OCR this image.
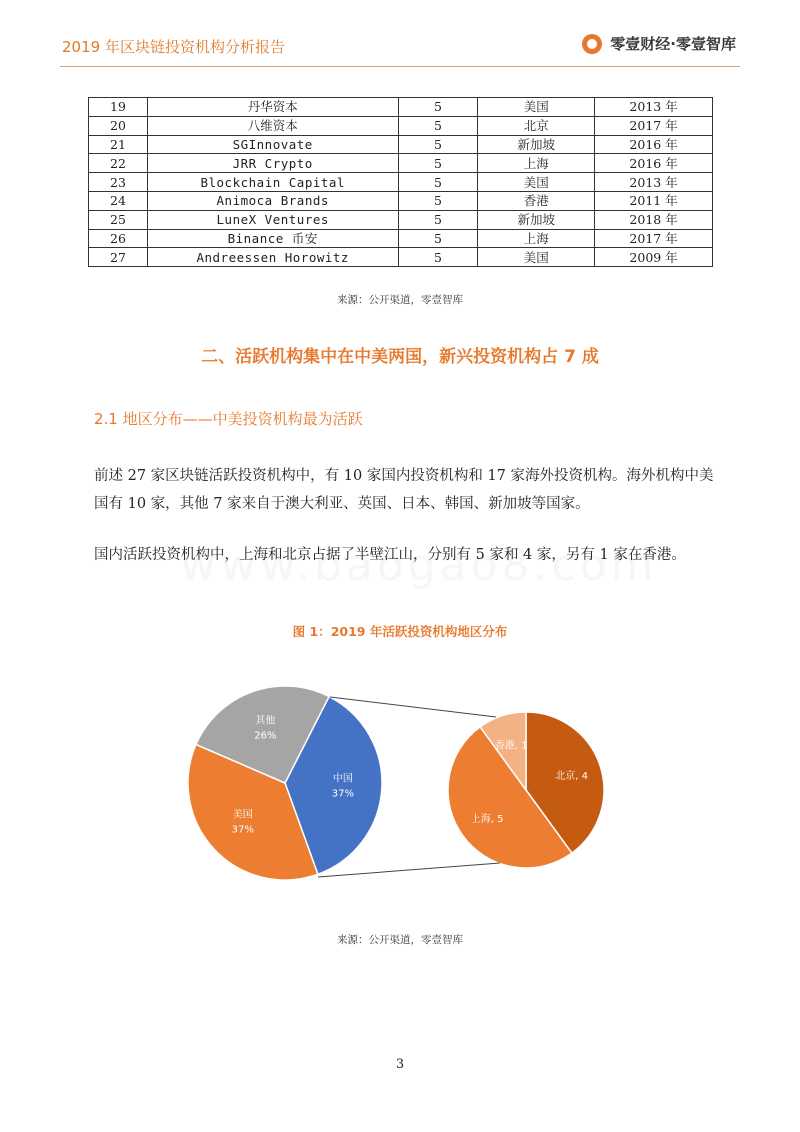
2019 年区块链投资机构分析报告	零壹财经·零壹智库
19	丹华资本	5	美国	2013 年
20	八维资本	5	北京	2017 年
21	SGInnovate	5	新加坡	2016 年
22	JRR Crypto	5	上海	2016 年
23	Blockchain Capital	5	美国	2013 年
24	Animoca Brands	5	香港	2011 年
25	LuneX Ventures	5	新加坡	2018 年
26	Binance 币安	5	上海	2017 年
27	Andreessen Horowitz	5	美国	2009 年
来源：公开渠道，零壹智库
二、活跃机构集中在中美两国，新兴投资机构占 7 成
2.1 地区分布——中美投资机构最为活跃
前述 27 家区块链活跃投资机构中，有 10 家国内投资机构和 17 家海外投资机构。海外机构中美国有 10 家，其他 7 家来自于澳大利亚、英国、日本、韩国、新加坡等国家。
国内活跃投资机构中，上海和北京占据了半壁江山，分别有 5 家和 4 家，另有 1 家在香港。
图 1：2019 年活跃投资机构地区分布
中国
37%
美国
37%
其他
26%
北京, 4
上海, 5
香港, 1
来源：公开渠道，零壹智库
3
